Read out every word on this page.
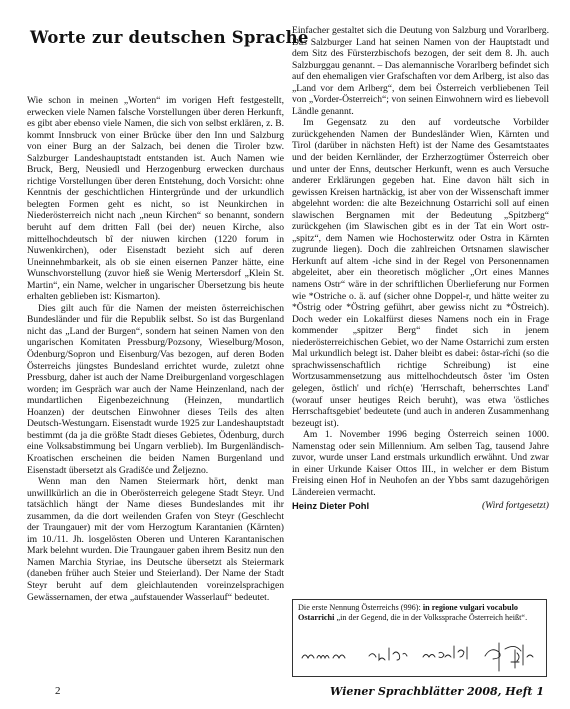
Worte zur deutschen Sprache

Wie schon in meinen „Worten“ im vorigen Heft festgestellt, erwecken viele Namen falsche Vorstellungen über deren Herkunft, es gibt aber ebenso viele Namen, die sich von selbst erklären, z. B. kommt Innsbruck von einer Brücke über den Inn und Salzburg von einer Burg an der Salzach, bei denen die Tiroler bzw. Salzburger Landeshauptstadt entstanden ist. Auch Namen wie Bruck, Berg, Neusiedl und Herzogenburg erwecken durchaus richtige Vorstellungen über deren Entstehung, doch Vorsicht: ohne Kenntnis der geschichtlichen Hintergründe und der urkundlich belegten Formen geht es nicht, so ist Neunkirchen in Niederösterreich nicht nach „neun Kirchen“ so benannt, sondern beruht auf dem dritten Fall (bei der) neuen Kirche, also mittelhochdeutsch bî der niuwen kirchen (1220 forum in Nuwenkirchen), oder Eisenstadt bezieht sich auf deren Uneinnehmbarkeit, als ob sie einen eisernen Panzer hätte, eine Wunschvorstellung (zuvor hieß sie Wenig Mertersdorf „Klein St. Martin“, ein Name, welcher in ungarischer Übersetzung bis heute erhalten geblieben ist: Kismarton).

Dies gilt auch für die Namen der meisten österreichischen Bundesländer und für die Republik selbst. So ist das Burgenland nicht das „Land der Burgen“, sondern hat seinen Namen von den ungarischen Komitaten Pressburg/Pozsony, Wieselburg/Moson, Ödenburg/Sopron und Eisenburg/Vas bezogen, auf deren Boden Österreichs jüngstes Bundesland errichtet wurde, zuletzt ohne Pressburg, daher ist auch der Name Dreiburgenland vorgeschlagen worden; im Gespräch war auch der Name Heinzenland, nach der mundartlichen Eigenbezeichnung (Heinzen, mundartlich Hoanzen) der deutschen Einwohner dieses Teils des alten Deutsch-Westungarn. Eisenstadt wurde 1925 zur Landeshauptstadt bestimmt (da ja die größte Stadt dieses Gebietes, Ödenburg, durch eine Volksabstimmung bei Ungarn verblieb). Im Burgenländisch-Kroatischen erscheinen die beiden Namen Burgenland und Eisenstadt übersetzt als Gradišće und Željezno.

Wenn man den Namen Steiermark hört, denkt man unwillkürlich an die in Oberösterreich gelegene Stadt Steyr. Und tatsächlich hängt der Name dieses Bundeslandes mit ihr zusammen, da die dort weilenden Grafen von Steyr (Geschlecht der Traungauer) mit der vom Herzogtum Karantanien (Kärnten) im 10./11. Jh. losgelösten Oberen und Unteren Karantanischen Mark belehnt wurden. Die Traungauer gaben ihrem Besitz nun den Namen Marchia Styriae, ins Deutsche übersetzt als Steiermark (daneben früher auch Steier und Steierland). Der Name der Stadt Steyr beruht auf dem gleichlautenden voreinzelsprachigen Gewässernamen, der etwa „aufstauender Wasserlauf“ bedeutet.

Einfacher gestaltet sich die Deutung von Salzburg und Vorarlberg. Das Salzburger Land hat seinen Namen von der Hauptstadt und dem Sitz des Fürsterzbischofs bezogen, der seit dem 8. Jh. auch Salzburggau genannt. – Das alemannische Vorarlberg befindet sich auf den ehemaligen vier Grafschaften vor dem Arlberg, ist also das „Land vor dem Arlberg“, dem bei Österreich verbliebenen Teil von „Vorder-Österreich“; von seinen Einwohnern wird es liebevoll Ländle genannt.

Im Gegensatz zu den auf vordeutsche Vorbilder zurückgehenden Namen der Bundesländer Wien, Kärnten und Tirol (darüber in nächsten Heft) ist der Name des Gesamtstaates und der beiden Kernländer, der Erzherzogtümer Österreich ober und unter der Enns, deutscher Herkunft, wenn es auch Versuche anderer Erklärungen gegeben hat. Eine davon hält sich in gewissen Kreisen hartnäckig, ist aber von der Wissenschaft immer abgelehnt worden: die alte Bezeichnung Ostarrichi soll auf einen slawischen Bergnamen mit der Bedeutung „Spitzberg“ zurückgehen (im Slawischen gibt es in der Tat ein Wort ostr- „spitz“, dem Namen wie Hochosterwitz oder Ostra in Kärnten zugrunde liegen). Doch die zahlreichen Ortsnamen slawischer Herkunft auf altem -iche sind in der Regel von Personennamen abgeleitet, aber ein theoretisch möglicher „Ort eines Mannes namens Ostr“ wäre in der schriftlichen Überlieferung nur Formen wie *Ostriche o. ä. auf (sicher ohne Doppel-r, und hätte weiter zu *Östrig oder *Östring geführt, aber gewiss nicht zu *Östreich). Doch weder ein Lokalfürst dieses Namens noch ein in Frage kommender „spitzer Berg“ findet sich in jenem niederösterreichischen Gebiet, wo der Name Ostarrichi zum ersten Mal urkundlich belegt ist. Daher bleibt es dabei: ôstar-rîchi (so die sprachwissenschaftlich richtige Schreibung) ist eine Wortzusammensetzung aus mittelhochdeutsch ôster 'im Osten gelegen, östlich' und rîch(e) 'Herrschaft, beherrschtes Land' (worauf unser heutiges Reich beruht), was etwa 'östliches Herrschaftsgebiet' bedeutete (und auch in anderen Zusammenhang bezeugt ist).

Am 1. November 1996 beging Österreich seinen 1000. Namenstag oder sein Millennium. Am selben Tag, tausend Jahre zuvor, wurde unser Land erstmals urkundlich erwähnt. Und zwar in einer Urkunde Kaiser Ottos III., in welcher er dem Bistum Freising einen Hof in Neuhofen an der Ybbs samt dazugehörigen Ländereien vermacht.

Heinz Dieter Pohl	(Wird fortgesetzt)
Die erste Nennung Österreichs (996): in regione vulgari vocabulo Ostarrichi „in der Gegend, die in der Volkssprache Österreich heißt“.
2	Wiener Sprachblätter 2008, Heft 1
